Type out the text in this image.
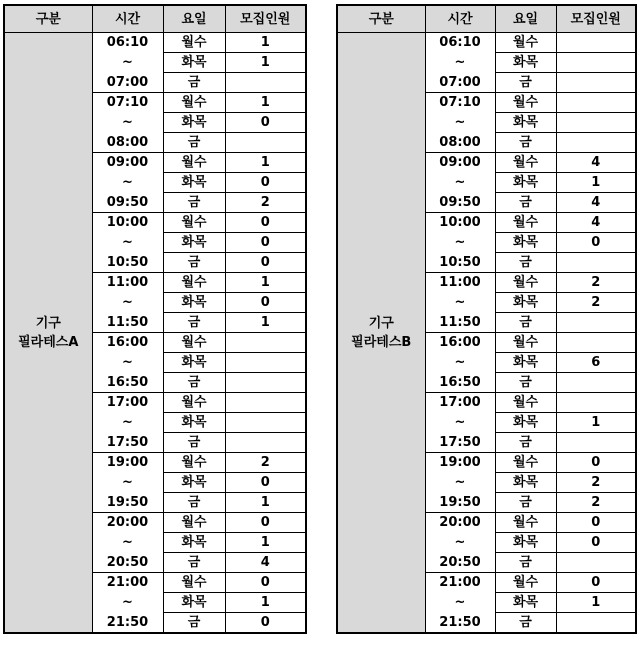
구분	시간	요일	모집인원

기구
필라테스A	06:10	월수	1
	~	화목	1
	07:00	금	
	07:10	월수	1
	~	화목	0
	08:00	금	
	09:00	월수	1
	~	화목	0
	09:50	금	2
	10:00	월수	0
	~	화목	0
	10:50	금	0
	11:00	월수	1
	~	화목	0
	11:50	금	1
	16:00	월수	
	~	화목	
	16:50	금	
	17:00	월수	
	~	화목	
	17:50	금	
	19:00	월수	2
	~	화목	0
	19:50	금	1
	20:00	월수	0
	~	화목	1
	20:50	금	4
	21:00	월수	0
	~	화목	1
	21:50	금	0
구분	시간	요일	모집인원

기구
필라테스B	06:10	월수	
	~	화목	
	07:00	금	
	07:10	월수	
	~	화목	
	08:00	금	
	09:00	월수	4
	~	화목	1
	09:50	금	4
	10:00	월수	4
	~	화목	0
	10:50	금	
	11:00	월수	2
	~	화목	2
	11:50	금	
	16:00	월수	
	~	화목	6
	16:50	금	
	17:00	월수	
	~	화목	1
	17:50	금	
	19:00	월수	0
	~	화목	2
	19:50	금	2
	20:00	월수	0
	~	화목	0
	20:50	금	
	21:00	월수	0
	~	화목	1
	21:50	금	
